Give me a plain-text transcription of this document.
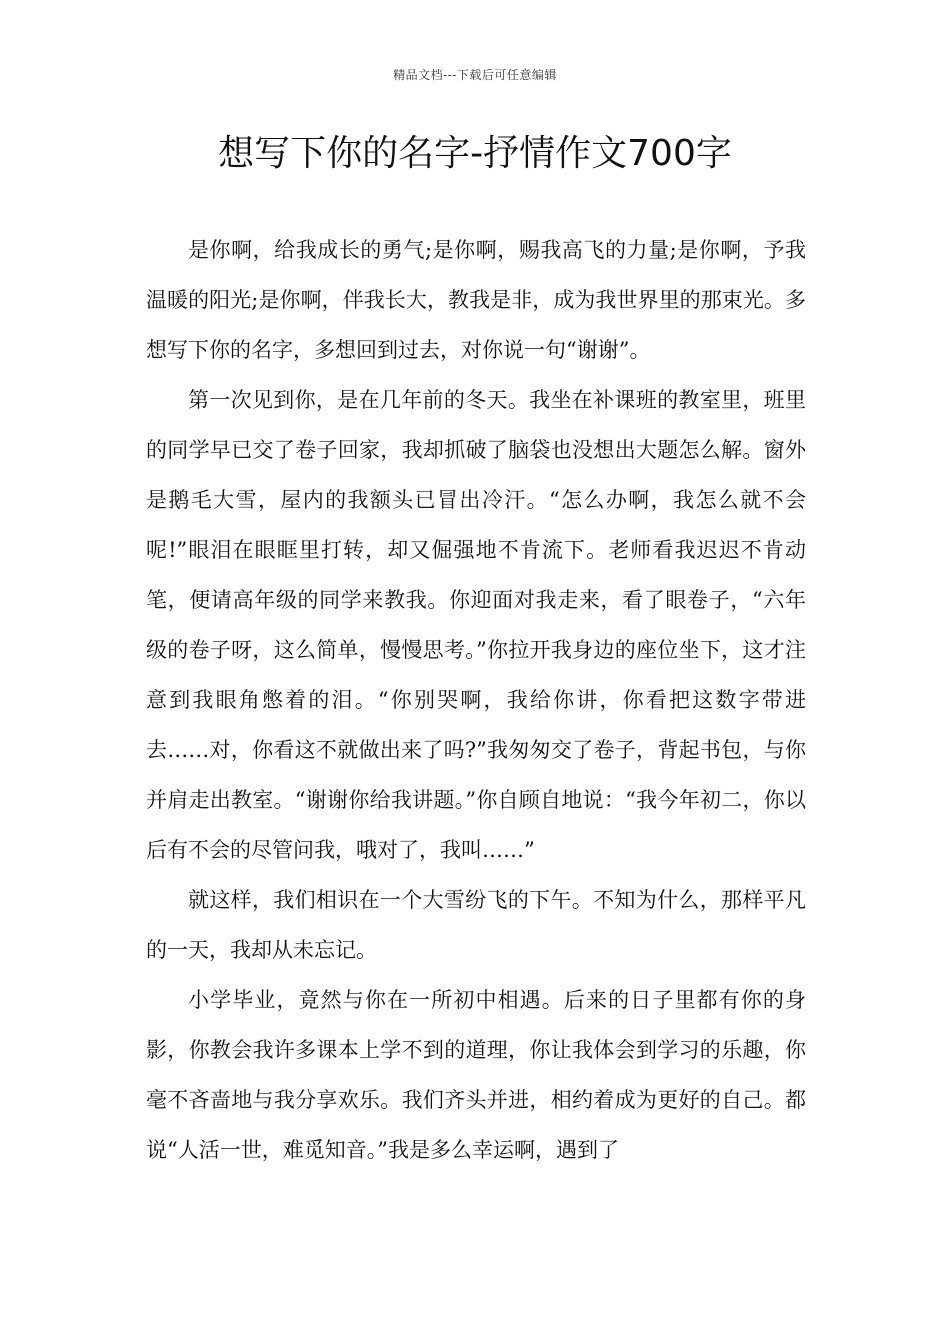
精品文档---下载后可任意编辑
想写下你的名字-抒情作文700字

是你啊，给我成长的勇气;是你啊，赐我高飞的力量;是你啊，予我温暖的阳光;是你啊，伴我长大，教我是非，成为我世界里的那束光。多想写下你的名字，多想回到过去，对你说一句“谢谢”。

第一次见到你，是在几年前的冬天。我坐在补课班的教室里，班里的同学早已交了卷子回家，我却抓破了脑袋也没想出大题怎么解。窗外是鹅毛大雪，屋内的我额头已冒出冷汗。“怎么办啊，我怎么就不会呢!”眼泪在眼眶里打转，却又倔强地不肯流下。老师看我迟迟不肯动笔，便请高年级的同学来教我。你迎面对我走来，看了眼卷子，“六年级的卷子呀，这么简单，慢慢思考。”你拉开我身边的座位坐下，这才注意到我眼角憋着的泪。“你别哭啊，我给你讲，你看把这数字带进去……对，你看这不就做出来了吗?”我匆匆交了卷子，背起书包，与你并肩走出教室。“谢谢你给我讲题。”你自顾自地说：“我今年初二，你以后有不会的尽管问我，哦对了，我叫……”

就这样，我们相识在一个大雪纷飞的下午。不知为什么，那样平凡的一天，我却从未忘记。

小学毕业，竟然与你在一所初中相遇。后来的日子里都有你的身影，你教会我许多课本上学不到的道理，你让我体会到学习的乐趣，你毫不吝啬地与我分享欢乐。我们齐头并进，相约着成为更好的自己。都说“人活一世，难觅知音。”我是多么幸运啊，遇到了
